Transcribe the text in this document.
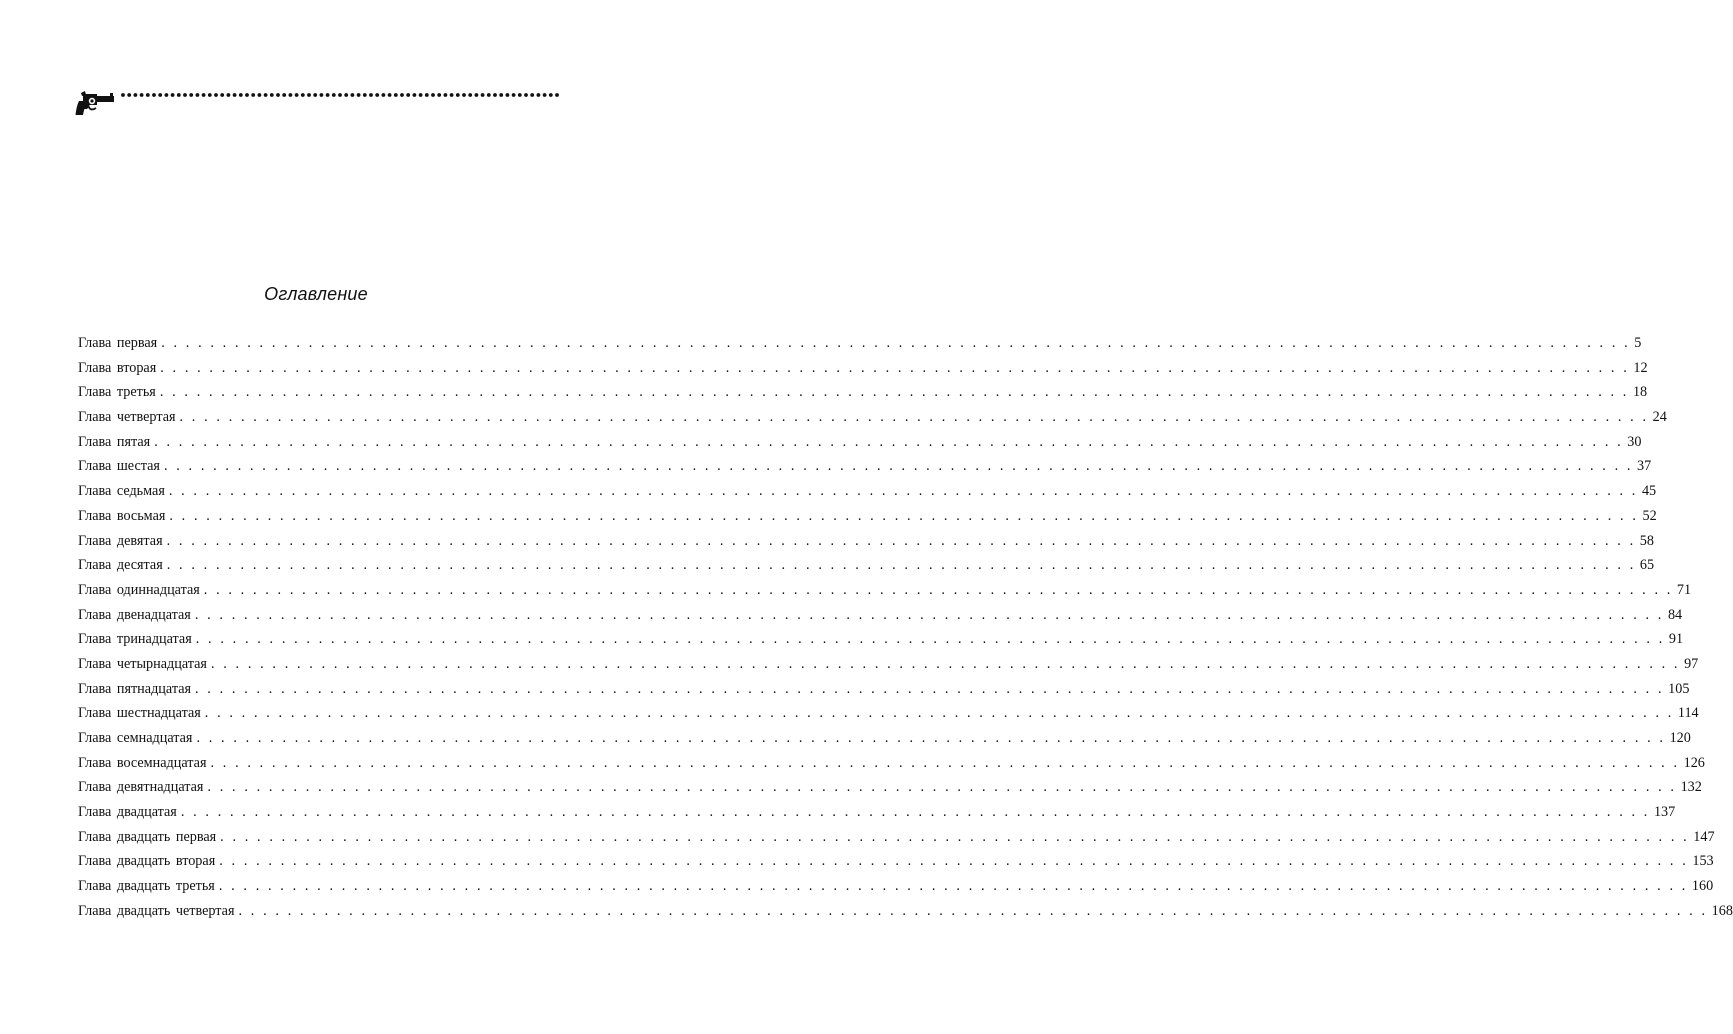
Оглавление
Глава первая . . . . . . . . . . . . . . . . . . . . . . . . . . . . . . . . . . . . . . . . . . . . . . . . . . . . . . . . . . . . . . . . . . . . . . . . . . . . . . . . . . . . . . . . . . . . . . . . . . . . . . . . . . . . . . . . . . . . . . . . 5
Глава вторая . . . . . . . . . . . . . . . . . . . . . . . . . . . . . . . . . . . . . . . . . . . . . . . . . . . . . . . . . . . . . . . . . . . . . . . . . . . . . . . . . . . . . . . . . . . . . . . . . . . . . . . . . . . . . . . . . . . . . . . . 12
Глава третья . . . . . . . . . . . . . . . . . . . . . . . . . . . . . . . . . . . . . . . . . . . . . . . . . . . . . . . . . . . . . . . . . . . . . . . . . . . . . . . . . . . . . . . . . . . . . . . . . . . . . . . . . . . . . . . . . . . . . . . . 18
Глава четвертая . . . . . . . . . . . . . . . . . . . . . . . . . . . . . . . . . . . . . . . . . . . . . . . . . . . . . . . . . . . . . . . . . . . . . . . . . . . . . . . . . . . . . . . . . . . . . . . . . . . . . . . . . . . . . . . . . . . . . . . . 24
Глава пятая . . . . . . . . . . . . . . . . . . . . . . . . . . . . . . . . . . . . . . . . . . . . . . . . . . . . . . . . . . . . . . . . . . . . . . . . . . . . . . . . . . . . . . . . . . . . . . . . . . . . . . . . . . . . . . . . . . . . . . . . 30
Глава шестая . . . . . . . . . . . . . . . . . . . . . . . . . . . . . . . . . . . . . . . . . . . . . . . . . . . . . . . . . . . . . . . . . . . . . . . . . . . . . . . . . . . . . . . . . . . . . . . . . . . . . . . . . . . . . . . . . . . . . . . . 37
Глава седьмая . . . . . . . . . . . . . . . . . . . . . . . . . . . . . . . . . . . . . . . . . . . . . . . . . . . . . . . . . . . . . . . . . . . . . . . . . . . . . . . . . . . . . . . . . . . . . . . . . . . . . . . . . . . . . . . . . . . . . . . . 45
Глава восьмая . . . . . . . . . . . . . . . . . . . . . . . . . . . . . . . . . . . . . . . . . . . . . . . . . . . . . . . . . . . . . . . . . . . . . . . . . . . . . . . . . . . . . . . . . . . . . . . . . . . . . . . . . . . . . . . . . . . . . . . . 52
Глава девятая . . . . . . . . . . . . . . . . . . . . . . . . . . . . . . . . . . . . . . . . . . . . . . . . . . . . . . . . . . . . . . . . . . . . . . . . . . . . . . . . . . . . . . . . . . . . . . . . . . . . . . . . . . . . . . . . . . . . . . . . 58
Глава десятая . . . . . . . . . . . . . . . . . . . . . . . . . . . . . . . . . . . . . . . . . . . . . . . . . . . . . . . . . . . . . . . . . . . . . . . . . . . . . . . . . . . . . . . . . . . . . . . . . . . . . . . . . . . . . . . . . . . . . . . . 65
Глава одиннадцатая . . . . . . . . . . . . . . . . . . . . . . . . . . . . . . . . . . . . . . . . . . . . . . . . . . . . . . . . . . . . . . . . . . . . . . . . . . . . . . . . . . . . . . . . . . . . . . . . . . . . . . . . . . . . . . . . . . . . . . . . 71
Глава двенадцатая . . . . . . . . . . . . . . . . . . . . . . . . . . . . . . . . . . . . . . . . . . . . . . . . . . . . . . . . . . . . . . . . . . . . . . . . . . . . . . . . . . . . . . . . . . . . . . . . . . . . . . . . . . . . . . . . . . . . . . . . 84
Глава тринадцатая . . . . . . . . . . . . . . . . . . . . . . . . . . . . . . . . . . . . . . . . . . . . . . . . . . . . . . . . . . . . . . . . . . . . . . . . . . . . . . . . . . . . . . . . . . . . . . . . . . . . . . . . . . . . . . . . . . . . . . . . 91
Глава четырнадцатая . . . . . . . . . . . . . . . . . . . . . . . . . . . . . . . . . . . . . . . . . . . . . . . . . . . . . . . . . . . . . . . . . . . . . . . . . . . . . . . . . . . . . . . . . . . . . . . . . . . . . . . . . . . . . . . . . . . . . . . . 97
Глава пятнадцатая . . . . . . . . . . . . . . . . . . . . . . . . . . . . . . . . . . . . . . . . . . . . . . . . . . . . . . . . . . . . . . . . . . . . . . . . . . . . . . . . . . . . . . . . . . . . . . . . . . . . . . . . . . . . . . . . . . . . . . . . 105
Глава шестнадцатая . . . . . . . . . . . . . . . . . . . . . . . . . . . . . . . . . . . . . . . . . . . . . . . . . . . . . . . . . . . . . . . . . . . . . . . . . . . . . . . . . . . . . . . . . . . . . . . . . . . . . . . . . . . . . . . . . . . . . . . . 114
Глава семнадцатая . . . . . . . . . . . . . . . . . . . . . . . . . . . . . . . . . . . . . . . . . . . . . . . . . . . . . . . . . . . . . . . . . . . . . . . . . . . . . . . . . . . . . . . . . . . . . . . . . . . . . . . . . . . . . . . . . . . . . . . . 120
Глава восемнадцатая . . . . . . . . . . . . . . . . . . . . . . . . . . . . . . . . . . . . . . . . . . . . . . . . . . . . . . . . . . . . . . . . . . . . . . . . . . . . . . . . . . . . . . . . . . . . . . . . . . . . . . . . . . . . . . . . . . . . . . . . 126
Глава девятнадцатая . . . . . . . . . . . . . . . . . . . . . . . . . . . . . . . . . . . . . . . . . . . . . . . . . . . . . . . . . . . . . . . . . . . . . . . . . . . . . . . . . . . . . . . . . . . . . . . . . . . . . . . . . . . . . . . . . . . . . . . . 132
Глава двадцатая . . . . . . . . . . . . . . . . . . . . . . . . . . . . . . . . . . . . . . . . . . . . . . . . . . . . . . . . . . . . . . . . . . . . . . . . . . . . . . . . . . . . . . . . . . . . . . . . . . . . . . . . . . . . . . . . . . . . . . . . 137
Глава двадцать первая . . . . . . . . . . . . . . . . . . . . . . . . . . . . . . . . . . . . . . . . . . . . . . . . . . . . . . . . . . . . . . . . . . . . . . . . . . . . . . . . . . . . . . . . . . . . . . . . . . . . . . . . . . . . . . . . . . . . . . . . 147
Глава двадцать вторая . . . . . . . . . . . . . . . . . . . . . . . . . . . . . . . . . . . . . . . . . . . . . . . . . . . . . . . . . . . . . . . . . . . . . . . . . . . . . . . . . . . . . . . . . . . . . . . . . . . . . . . . . . . . . . . . . . . . . . . . 153
Глава двадцать третья . . . . . . . . . . . . . . . . . . . . . . . . . . . . . . . . . . . . . . . . . . . . . . . . . . . . . . . . . . . . . . . . . . . . . . . . . . . . . . . . . . . . . . . . . . . . . . . . . . . . . . . . . . . . . . . . . . . . . . . . 160
Глава двадцать четвертая . . . . . . . . . . . . . . . . . . . . . . . . . . . . . . . . . . . . . . . . . . . . . . . . . . . . . . . . . . . . . . . . . . . . . . . . . . . . . . . . . . . . . . . . . . . . . . . . . . . . . . . . . . . . . . . . . . . . . . . . 168
